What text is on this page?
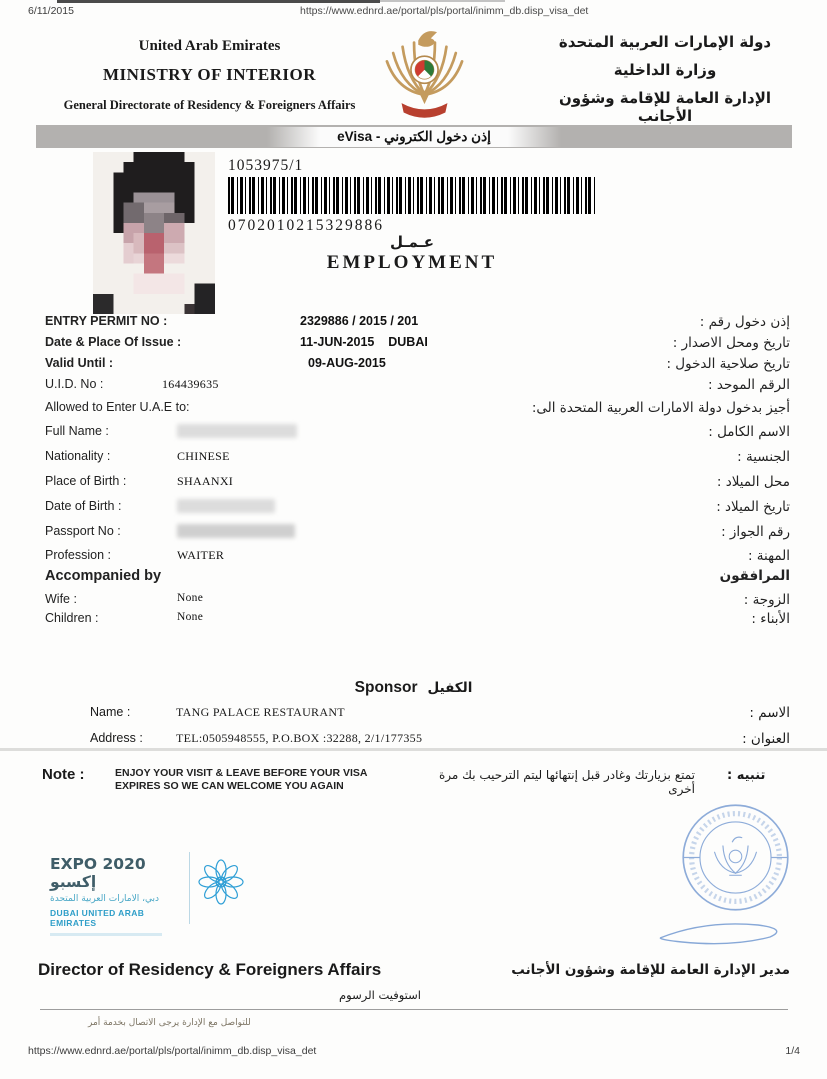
6/11/2015	https://www.ednrd.ae/portal/pls/portal/inimm_db.disp_visa_det
United Arab Emirates
MINISTRY OF INTERIOR
General Directorate of Residency & Foreigners Affairs
دولة الإمارات العربية المتحدة
وزارة الداخلية
الإدارة العامة للإقامة وشؤون الأجانب
eVisa - إذن دخول الكتروني
1053975/1
0702010215329886
عـمـل
EMPLOYMENT
ENTRY PERMIT NO :	2329886 / 2015 / 201	إذن دخول رقم :
Date & Place Of Issue :	11-JUN-2015    DUBAI	تاريخ ومحل الاصدار :
Valid Until :	09-AUG-2015	تاريخ صلاحية الدخول :
U.I.D. No :	164439635	الرقم الموحد :
Allowed to Enter U.A.E to:	أجيز بدخول دولة الامارات العربية المتحدة الى:
Full Name :	الاسم الكامل :
Nationality :	CHINESE	الجنسية :
Place of Birth :	SHAANXI	محل الميلاد :
Date of Birth :	تاريخ الميلاد :
Passport No :	رقم الجواز :
Profession :	WAITER	المهنة :
Accompanied by	المرافقون
Wife :	None	الزوجة :
Children :	None	الأبناء :
Sponsor الكفيل
Name :	TANG PALACE RESTAURANT	الاسم :
Address :	TEL:0505948555, P.O.BOX :32288, 2/1/177355	العنوان :
Note :	ENJOY YOUR VISIT & LEAVE BEFORE YOUR VISA
EXPIRES SO WE CAN WELCOME YOU AGAIN
تمتع بزيارتك وغادر قبل إنتهائها ليتم الترحيب بك مرة أخرى
تنبيه :
EXPO 2020 إكسبو
دبي، الامارات العربية المتحدة
DUBAI UNITED ARAB EMIRATES
Director of Residency & Foreigners Affairs	مدير الإدارة العامة للإقامة وشؤون الأجانب
استوفيت الرسوم
للتواصل مع الإدارة يرجى الاتصال بخدمة أمر
https://www.ednrd.ae/portal/pls/portal/inimm_db.disp_visa_det	1/4
